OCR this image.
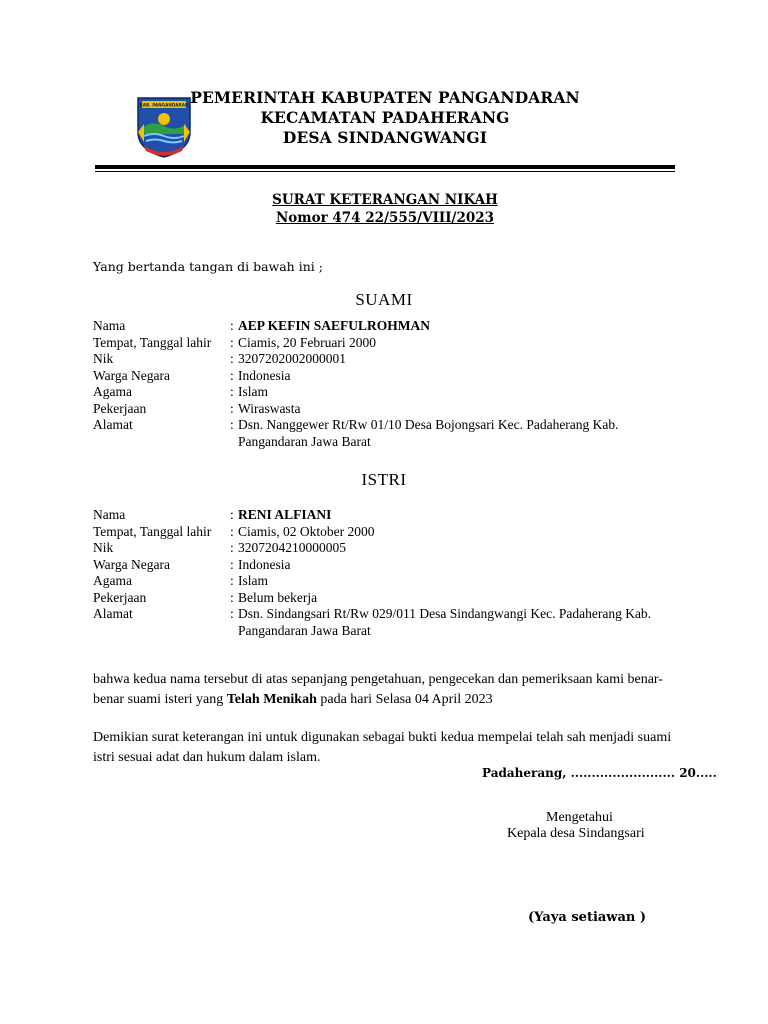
KAB. PANGANDARAN PEMERINTAH KABUPATEN PANGANDARAN
KECAMATAN PADAHERANG
DESA SINDANGWANGI
SURAT KETERANGAN NIKAH
Nomor 474 22/555/VIII/2023
Yang bertanda tangan di bawah ini ;
SUAMI
Nama	: AEP KEFIN SAEFULROHMAN
Tempat, Tanggal lahir : Ciamis, 20 Februari 2000
Nik	: 3207202002000001
Warga Negara	: Indonesia
Agama	: Islam
Pekerjaan	: Wiraswasta
Alamat	: Dsn. Nanggewer Rt/Rw 01/10 Desa Bojongsari Kec. Padaherang Kab. Pangandaran Jawa Barat
ISTRI
Nama	: RENI ALFIANI
Tempat, Tanggal lahir : Ciamis, 02 Oktober 2000
Nik	: 3207204210000005
Warga Negara	: Indonesia
Agama	: Islam
Pekerjaan	: Belum bekerja
Alamat	: Dsn. Sindangsari Rt/Rw 029/011 Desa Sindangwangi Kec. Padaherang Kab. Pangandaran Jawa Barat
bahwa kedua nama tersebut di atas sepanjang pengetahuan, pengecekan dan pemeriksaan kami benar-benar suami isteri yang Telah Menikah pada hari Selasa 04 April 2023
Demikian surat keterangan ini untuk digunakan sebagai bukti kedua mempelai telah sah menjadi suami istri sesuai adat dan hukum dalam islam.
Padaherang, ......................... 20.....
Mengetahui
Kepala desa Sindangsari
(Yaya setiawan )
